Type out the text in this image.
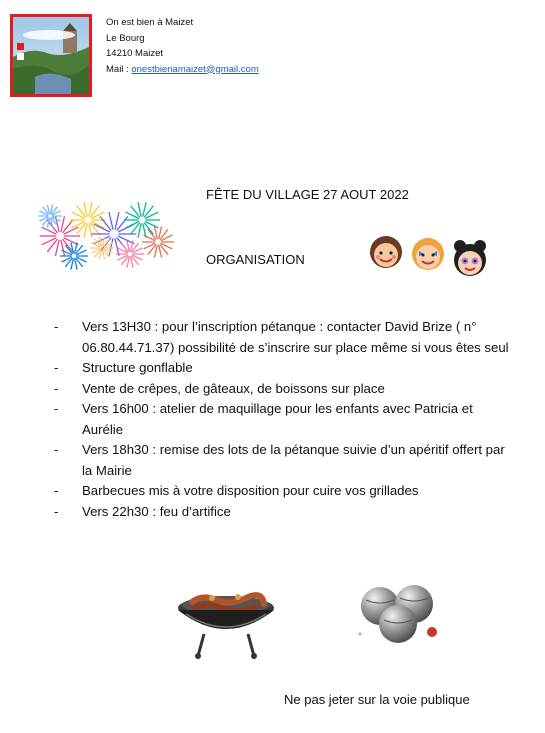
On est bien à Maizet
Le Bourg
14210 Maizet
Mail : onestbienamaizet@gmail.com
FÊTE DU VILLAGE 27 AOUT 2022
ORGANISATION
- Vers 13H30 : pour l’inscription pétanque : contacter David Brize ( n° 06.80.44.71.37) possibilité de s’inscrire sur place même si vous êtes seul
- Structure gonflable
- Vente de crêpes, de gâteaux, de boissons sur place
- Vers 16h00 : atelier de maquillage pour les enfants avec Patricia et Aurélie
- Vers 18h30 : remise des lots de la pétanque suivie d’un apéritif offert par la Mairie
- Barbecues mis à votre disposition pour cuire vos grillades
- Vers 22h30 : feu d’artifice
Ne pas jeter sur la voie publique
